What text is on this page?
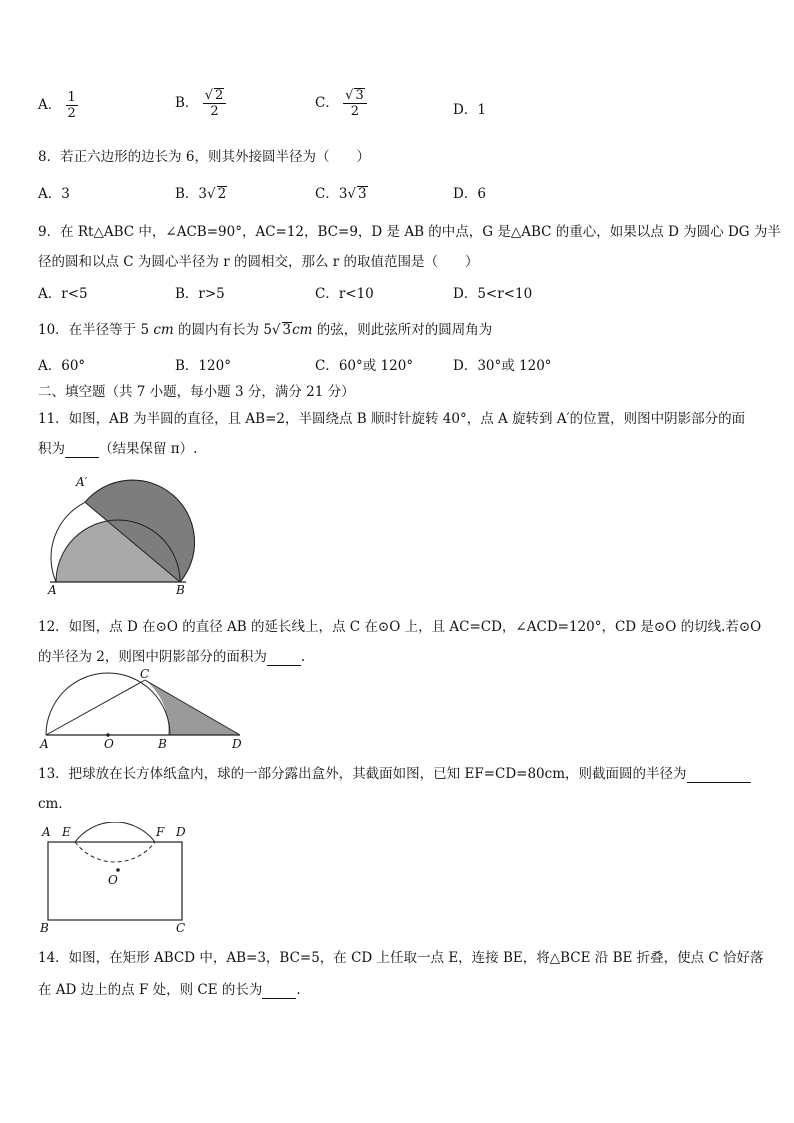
A． $\frac{1}{2}$	B． $\frac{√ 2}{2}$	C． $\frac{√ 3}{2}$	D．1
8．若正六边形的边长为 6，则其外接圆半径为（　　）
A．3	B．3√ 2	C．3√ 3	D．6
9．在 Rt△ABC 中，∠ACB=90°，AC=12，BC=9，D 是 AB 的中点，G 是△ABC 的重心，如果以点 D 为圆心 DG 为半
径的圆和以点 C 为圆心半径为 r 的圆相交，那么 r 的取值范围是（　　）
A．r<5	B．r>5	C．r<10	D．5<r<10
10．在半径等于 5 cm 的圆内有长为 5√ 3cm 的弦，则此弦所对的圆周角为
A．60°	B．120°	C．60°或 120°	D．30°或 120°
二、填空题（共 7 小题，每小题 3 分，满分 21 分）
11．如图，AB 为半圆的直径，且 AB=2，半圆绕点 B 顺时针旋转 40°，点 A 旋转到 A′的位置，则图中阴影部分的面
积为	（结果保留 π）.
A	B
A′
12．如图，点 D 在⊙O 的直径 AB 的延长线上，点 C 在⊙O 上，且 AC=CD，∠ACD=120°，CD 是⊙O 的切线.若⊙O
的半径为 2，则图中阴影部分的面积为	.
A	O	B	D
C
13．把球放在长方体纸盒内，球的一部分露出盒外，其截面如图，已知 EF=CD=80cm，则截面圆的半径为
cm．
A E	F D
O
B	C
14．如图，在矩形 ABCD 中，AB=3，BC=5，在 CD 上任取一点 E，连接 BE，将△BCE 沿 BE 折叠，使点 C 恰好落
在 AD 边上的点 F 处，则 CE 的长为	.
